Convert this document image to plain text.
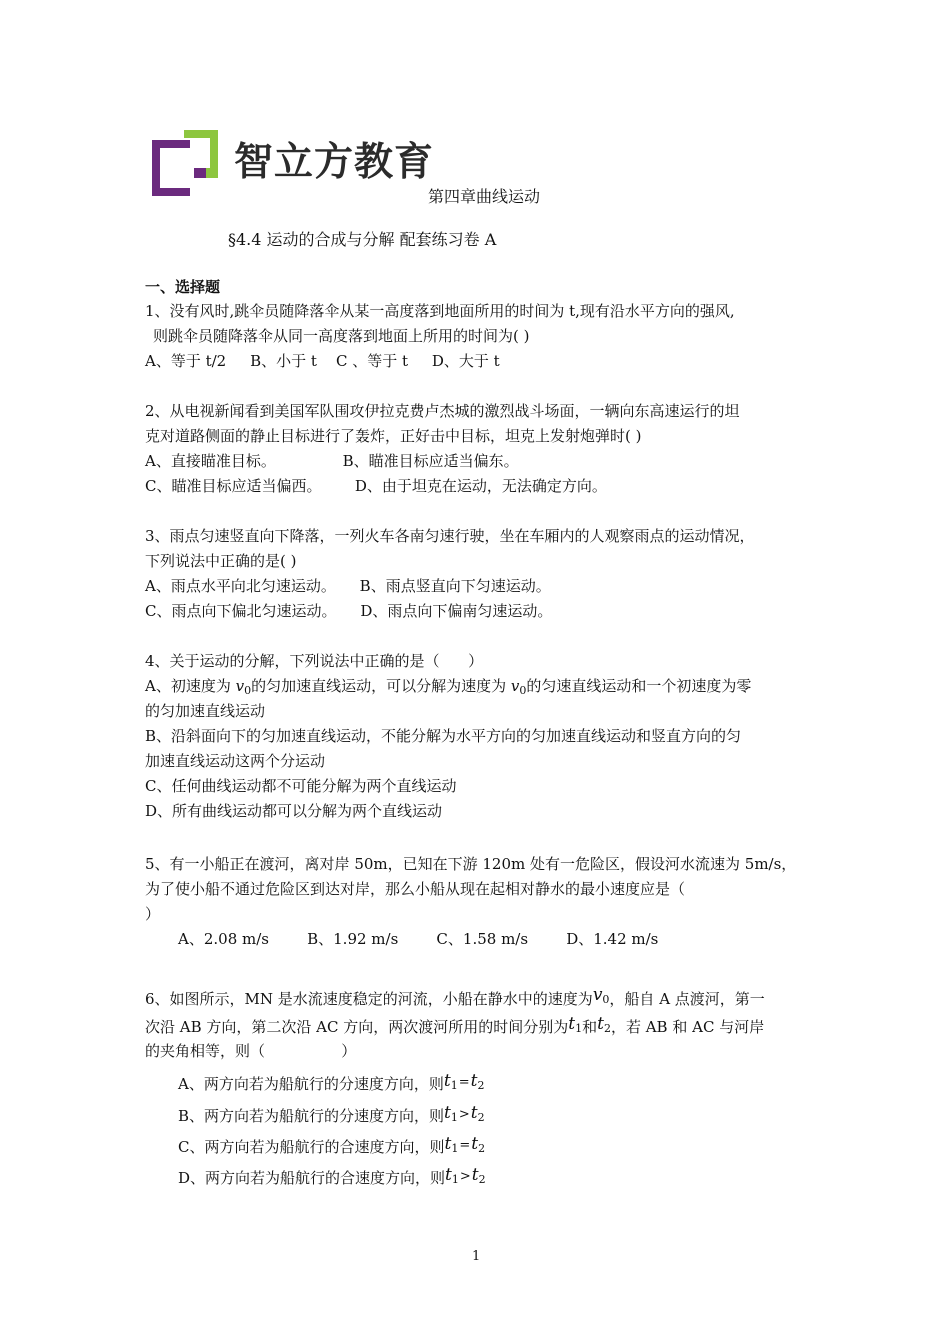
智立方教育
第四章曲线运动
§4.4 运动的合成与分解 配套练习卷 A
一、选择题
1、没有风时,跳伞员随降落伞从某一高度落到地面所用的时间为 t,现有沿水平方向的强风,
则跳伞员随降落伞从同一高度落到地面上所用的时间为( )
A、等于 t/2     B、小于 t    C 、等于 t     D、大于 t
2、从电视新闻看到美国军队围攻伊拉克费卢杰城的激烈战斗场面，一辆向东高速运行的坦
克对道路侧面的静止目标进行了轰炸，正好击中目标，坦克上发射炮弹时( )
A、直接瞄准目标。              B、瞄准目标应适当偏东。
C、瞄准目标应适当偏西。       D、由于坦克在运动，无法确定方向。
3、雨点匀速竖直向下降落，一列火车各南匀速行驶，坐在车厢内的人观察雨点的运动情况，
下列说法中正确的是( )
A、雨点水平向北匀速运动。     B、雨点竖直向下匀速运动。
C、雨点向下偏北匀速运动。     D、雨点向下偏南匀速运动。
4、关于运动的分解，下列说法中正确的是（      ）
A、初速度为 $v_0$的匀加速直线运动，可以分解为速度为 $v_0$的匀速直线运动和一个初速度为零
的匀加速直线运动
B、沿斜面向下的匀加速直线运动，不能分解为水平方向的匀加速直线运动和竖直方向的匀
加速直线运动这两个分运动
C、任何曲线运动都不可能分解为两个直线运动
D、所有曲线运动都可以分解为两个直线运动
5、有一小船正在渡河，离对岸 50m，已知在下游 120m 处有一危险区，假设河水流速为 5m/s，
为了使小船不通过危险区到达对岸，那么小船从现在起相对静水的最小速度应是（
）
A、2.08 m/s        B、1.92 m/s        C、1.58 m/s        D、1.42 m/s
6、如图所示，MN 是水流速度稳定的河流，小船在静水中的速度为$v_0$，船自 A 点渡河，第一
次沿 AB 方向，第二次沿 AC 方向，两次渡河所用的时间分别为$t_1$和$t_2$，若 AB 和 AC 与河岸
的夹角相等，则（                ）
A、两方向若为船航行的分速度方向，则$t_1=t_2$
B、两方向若为船航行的分速度方向，则$t_1>t_2$
C、两方向若为船航行的合速度方向，则$t_1=t_2$
D、两方向若为船航行的合速度方向，则$t_1>t_2$
1
